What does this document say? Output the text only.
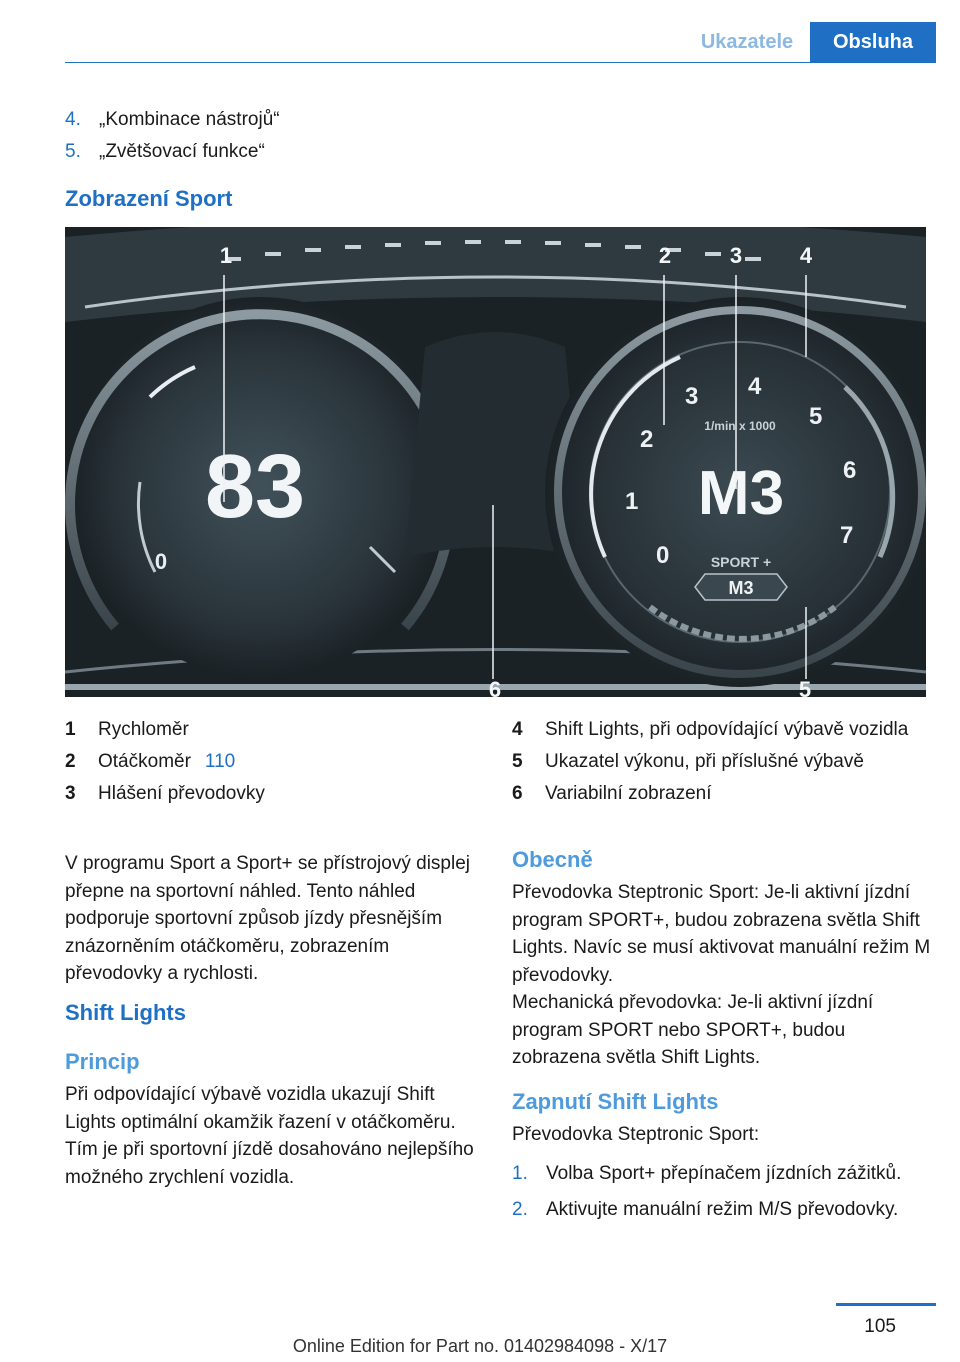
Ukazatele	Obsluha
4. „Kombinace nástrojů“
5. „Zvětšovací funkce“
Zobrazení Sport
83
0	0
1
2
3 4
5
6
7
1/min x 1000
M3
SPORT +
M3
1	2	3	4
5
6
1 Rychloměr
2 Otáčkoměr 110
3 Hlášení převodovky
4 Shift Lights, při odpovídající výbavě vozidla
5 Ukazatel výkonu, při příslušné výbavě
6 Variabilní zobrazení

V programu Sport a Sport+ se přístrojový displej přepne na sportovní náhled. Tento náhled podporuje sportovní způsob jízdy přesnějším znázorněním otáčkoměru, zobrazením převodovky a rychlosti.

Shift Lights
Princip

Při odpovídající výbavě vozidla ukazují Shift Lights optimální okamžik řazení v otáčkoměru. Tím je při sportovní jízdě dosahováno nejlepšího možného zrychlení vozidla.

Obecně

Převodovka Steptronic Sport: Je-li aktivní jízdní program SPORT+, budou zobrazena světla Shift Lights. Navíc se musí aktivovat manuální režim M převodovky.

Mechanická převodovka: Je-li aktivní jízdní program SPORT nebo SPORT+, budou zobrazena světla Shift Lights.

Zapnutí Shift Lights

Převodovka Steptronic Sport:

1. Volba Sport+ přepínačem jízdních zážitků.
2. Aktivujte manuální režim M/S převodovky.
105
Online Edition for Part no. 01402984098 - X/17
